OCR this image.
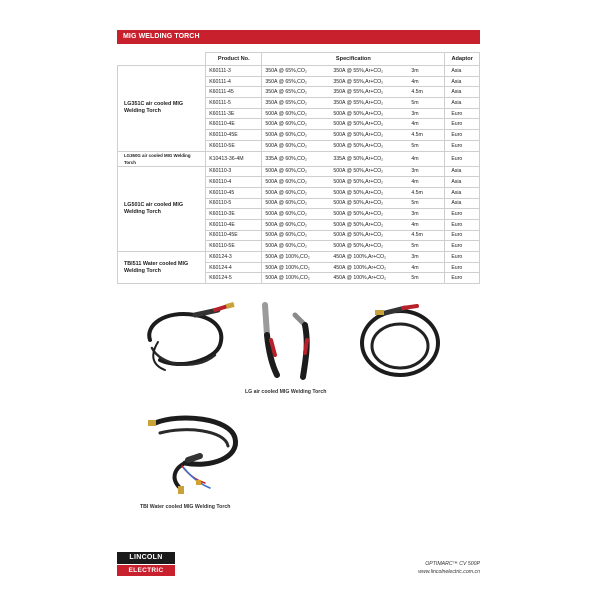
MIG WELDING TORCH
	Product No.	Specification	Adaptor
LG351C air cooled MIG Welding Torch	K60111-3	350A @ 65%,CO₂ 350A @ 55%,Ar+CO₂ 3m	Asia
	K60111-4	350A @ 65%,CO₂ 350A @ 55%,Ar+CO₂ 4m	Asia
	K60111-45	350A @ 65%,CO₂ 350A @ 55%,Ar+CO₂ 4.5m	Asia
	K60111-5	350A @ 65%,CO₂ 350A @ 55%,Ar+CO₂ 5m	Asia
	K60111-3E	500A @ 60%,CO₂ 500A @ 50%,Ar+CO₂ 3m	Euro
	K60110-4E	500A @ 60%,CO₂ 500A @ 50%,Ar+CO₂ 4m	Euro
	K60110-45E	500A @ 60%,CO₂ 500A @ 50%,Ar+CO₂ 4.5m	Euro
	K60110-5E	500A @ 60%,CO₂ 500A @ 50%,Ar+CO₂ 5m	Euro
LG360G air cooled MIG Welding Torch	K10413-36-4M	335A @ 60%,CO₂ 335A @ 50%,Ar+CO₂ 4m	Euro
LG501C air cooled MIG Welding Torch	K60110-3	500A @ 60%,CO₂ 500A @ 50%,Ar+CO₂ 3m	Asia
	K60110-4	500A @ 60%,CO₂ 500A @ 50%,Ar+CO₂ 4m	Asia
	K60110-45	500A @ 60%,CO₂ 500A @ 50%,Ar+CO₂ 4.5m	Asia
	K60110-5	500A @ 60%,CO₂ 500A @ 50%,Ar+CO₂ 5m	Asia
	K60110-3E	500A @ 60%,CO₂ 500A @ 50%,Ar+CO₂ 3m	Euro
	K60110-4E	500A @ 60%,CO₂ 500A @ 50%,Ar+CO₂ 4m	Euro
	K60110-45E	500A @ 60%,CO₂ 500A @ 50%,Ar+CO₂ 4.5m	Euro
	K60110-5E	500A @ 60%,CO₂ 500A @ 50%,Ar+CO₂ 5m	Euro
TBI511 Water cooled MIG Welding Torch	K60124-3	500A @ 100%,CO₂ 450A @ 100%,Ar+CO₂ 3m	Euro
	K60124-4	500A @ 100%,CO₂ 450A @ 100%,Ar+CO₂ 4m	Euro
	K60124-5	500A @ 100%,CO₂ 450A @ 100%,Ar+CO₂ 5m	Euro
LG air cooled MIG Welding Torch
TBI Water cooled MIG Welding Torch
LINCOLN
ELECTRIC
OPTIMARC™ CV 500P
www.lincolnelectric.com.cn
